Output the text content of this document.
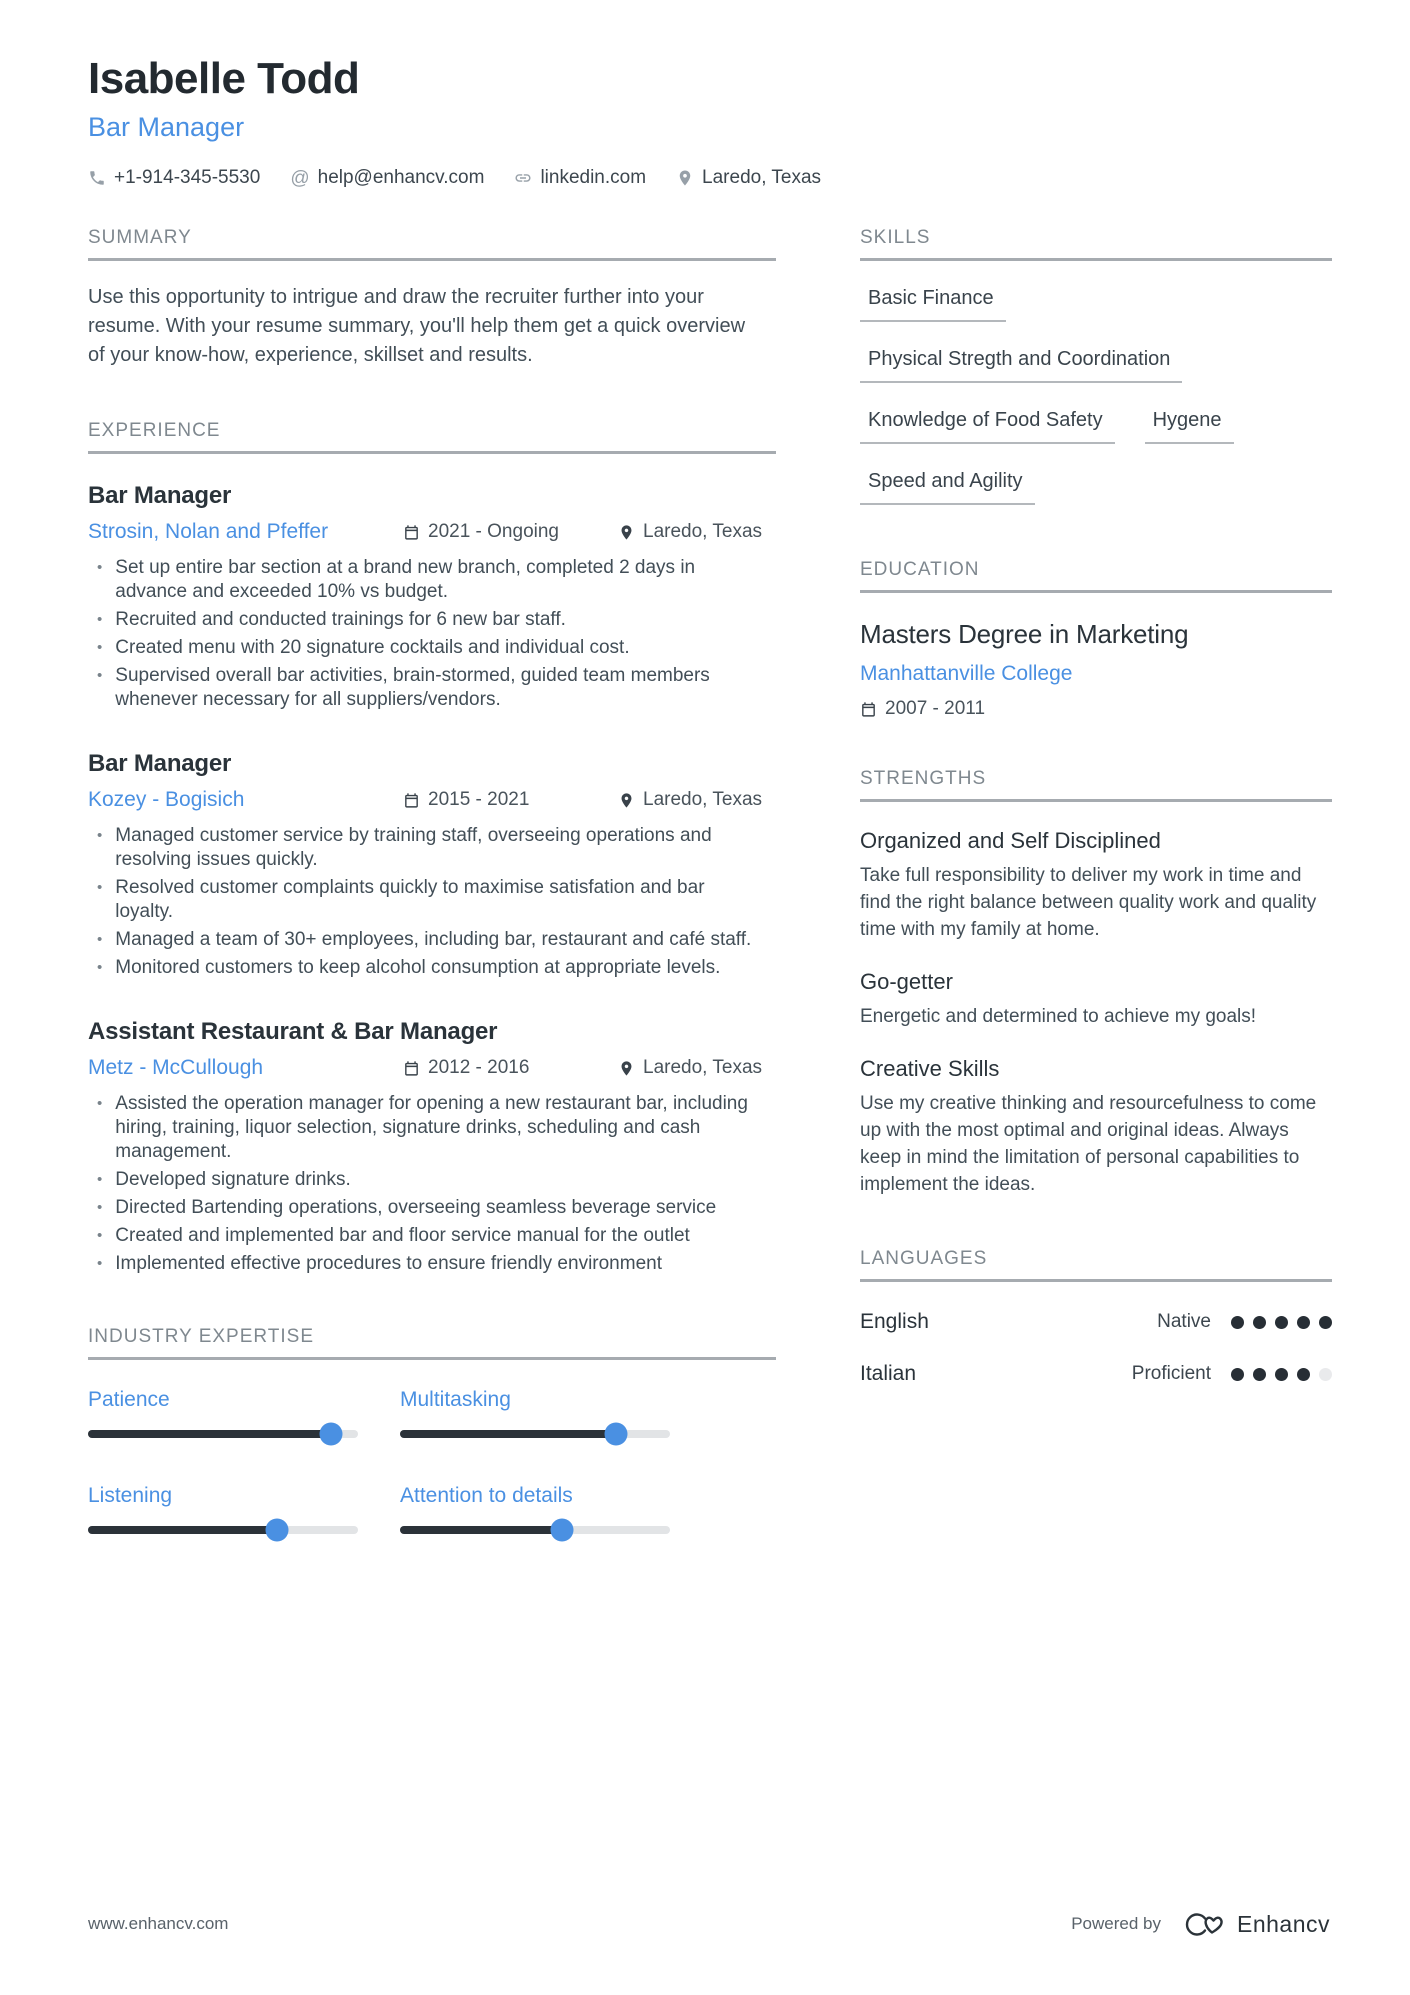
Isabelle Todd
Bar Manager
+1-914-345-5530 @ help@enhancv.com	linkedin.com	Laredo, Texas
SUMMARY
Use this opportunity to intrigue and draw the recruiter further into your resume. With your resume summary, you'll help them get a quick overview of your know-how, experience, skillset and results.
EXPERIENCE
Bar Manager
Strosin, Nolan and Pfeffer	2021 - Ongoing	Laredo, Texas
•
Set up entire bar section at a brand new branch, completed 2 days in advance and exceeded 10% vs budget.
•
Recruited and conducted trainings for 6 new bar staff.
•
Created menu with 20 signature cocktails and individual cost.
•
Supervised overall bar activities, brain-stormed, guided team members whenever necessary for all suppliers/vendors.
Bar Manager
Kozey - Bogisich	2015 - 2021	Laredo, Texas
•
Managed customer service by training staff, overseeing operations and resolving issues quickly.
•
Resolved customer complaints quickly to maximise satisfation and bar loyalty.
•
Managed a team of 30+ employees, including bar, restaurant and café staff.
•
Monitored customers to keep alcohol consumption at appropriate levels.
Assistant Restaurant & Bar Manager
Metz - McCullough	2012 - 2016	Laredo, Texas
•
Assisted the operation manager for opening a new restaurant bar, including hiring, training, liquor selection, signature drinks, scheduling and cash management.
•
Developed signature drinks.
•
Directed Bartending operations, overseeing seamless beverage service
•
Created and implemented bar and floor service manual for the outlet
•
Implemented effective procedures to ensure friendly environment
INDUSTRY EXPERTISE
Patience	Multitasking
Listening	Attention to details
SKILLS
Basic Finance
Physical Stregth and Coordination
Knowledge of Food Safety	Hygene
Speed and Agility
EDUCATION
Masters Degree in Marketing
Manhattanville College
2007 - 2011
STRENGTHS
Organized and Self Disciplined
Take full responsibility to deliver my work in time and find the right balance between quality work and quality time with my family at home.
Go-getter
Energetic and determined to achieve my goals!
Creative Skills
Use my creative thinking and resourcefulness to come up with the most optimal and original ideas. Always keep in mind the limitation of personal capabilities to implement the ideas.
LANGUAGES
English	Native
Italian	Proficient
www.enhancv.com	Powered by	Enhancv
